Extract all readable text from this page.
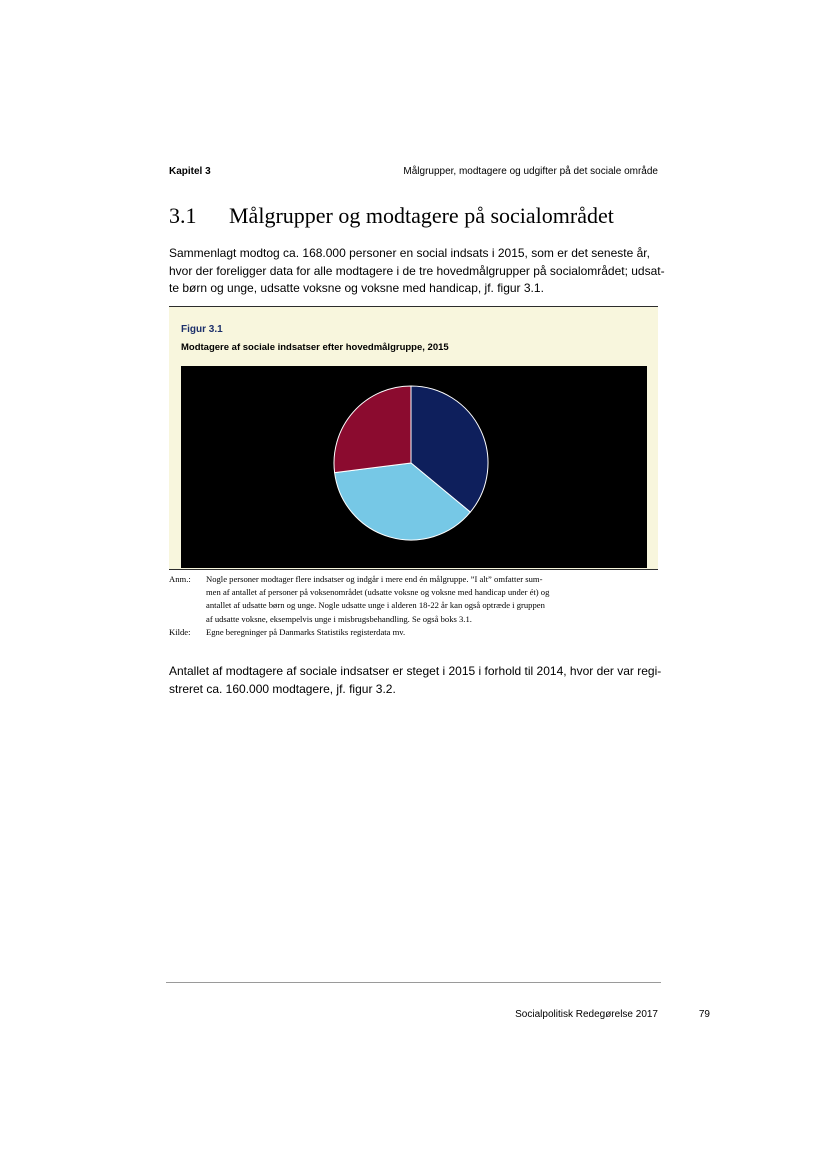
Kapitel 3	Målgrupper, modtagere og udgifter på det sociale område
3.1 Målgrupper og modtagere på socialområdet
Sammenlagt modtog ca. 168.000 personer en social indsats i 2015, som er det seneste år,
hvor der foreligger data for alle modtagere i de tre hovedmålgrupper på socialområdet; udsat-
te børn og unge, udsatte voksne og voksne med handicap, jf. figur 3.1.
Figur 3.1
Modtagere af sociale indsatser efter hovedmålgruppe, 2015
Anm.:	Nogle personer modtager flere indsatser og indgår i mere end én målgruppe. ”I alt” omfatter sum-
men af antallet af personer på voksenområdet (udsatte voksne og voksne med handicap under ét) og
antallet af udsatte børn og unge. Nogle udsatte unge i alderen 18-22 år kan også optræde i gruppen
af udsatte voksne, eksempelvis unge i misbrugsbehandling. Se også boks 3.1.
Kilde:	Egne beregninger på Danmarks Statistiks registerdata mv.
Antallet af modtagere af sociale indsatser er steget i 2015 i forhold til 2014, hvor der var regi-
streret ca. 160.000 modtagere, jf. figur 3.2.
Socialpolitisk Redegørelse 2017	79
